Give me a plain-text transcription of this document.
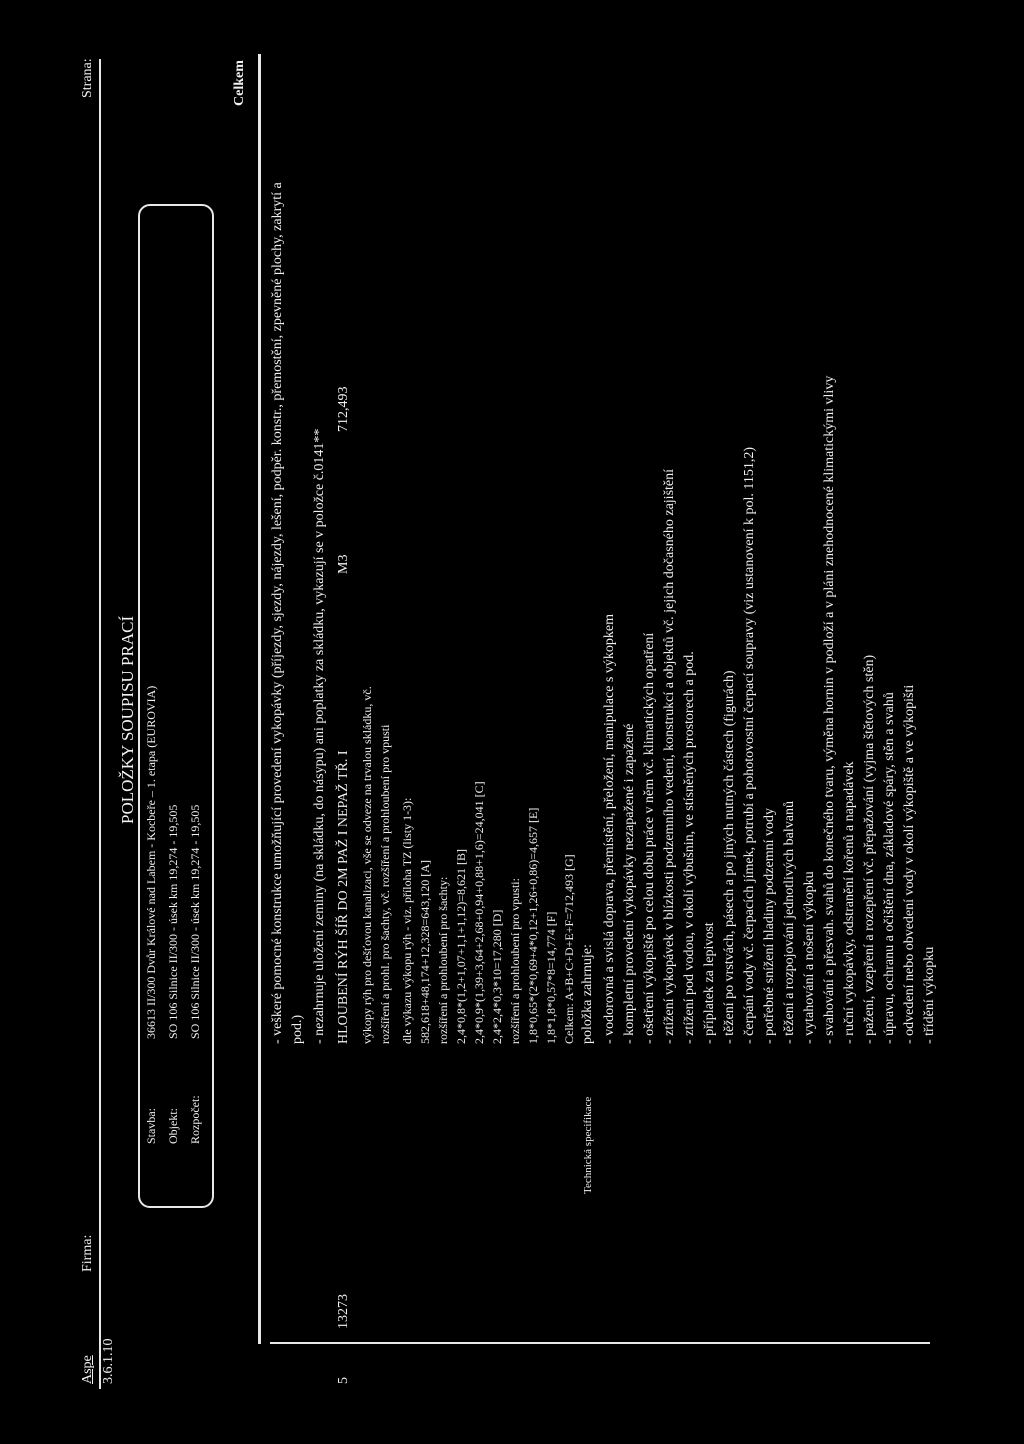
Aspe
Firma:
Strana:
3.6.1.10
POLOŽKY SOUPISU PRACÍ
Stavba:
36613 II/300 Dvůr Králové nad Labem - Kocbeře – 1. etapa (EUROVIA)
Objekt:
SO 106 Silnice II/300 - úsek km 19,274 - 19,505
Rozpočet:
SO 106 Silnice II/300 - úsek km 19,274 - 19,505
Celkem
- veškeré pomocné konstrukce umožňující provedení vykopávky (příjezdy, sjezdy, nájezdy, lešení, podpěr. konstr., přemostění, zpevněné plochy, zakrytí a pod.) - nezahrnuje uložení zeminy (na skládku, do násypu) ani poplatky za skládku, vykazují se v položce č.0141**
5
13273
HLOUBENÍ RÝH ŠÍŘ DO 2M PAŽ I NEPAŽ TŘ. I
M3
712,493
výkopy rýh pro dešťovou kanalizaci, vše se odveze na trvalou skládku, vč. rozšíření a prohl. pro šachty, vč. rozšíření a prohloubení pro vpusti dle výkazu výkopu rýh - viz. příloha TZ (listy 1-3): 582,618+48,174+12,328=643,120 [A] rozšíření a prohloubení pro šachty: 2,4*0,8*(1,2+1,07+1,1+1,12)=8,621 [B] 2,4*0,9*(1,39+3,64+2,68+0,94+0,88+1,6)=24,041 [C] 2,4*2,4*0,3*10=17,280 [D] rozšíření a prohloubení pro vpusti: 1,8*0,65*(2*0,69+4*0,12+1,26+0,86)=4,657 [E] 1,8*1,8*0,57*8=14,774 [F] Celkem: A+B+C+D+E+F=712,493 [G]
Technická specifikace
položka zahrnuje: - vodorovná a svislá doprava, přemístění, přeložení, manipulace s výkopkem - kompletní provedení vykopávky nezapažené i zapažené - ošetření výkopiště po celou dobu práce v něm vč. klimatických opatření - ztížení vykopávek v blízkosti podzemního vedení, konstrukcí a objektů vč. jejich dočasného zajištění - ztížení pod vodou, v okolí výbušnin, ve stísněných prostorech a pod. - příplatek za lepivost - těžení po vrstvách, pásech a po jiných nutných částech (figurách) - čerpání vody vč. čerpacích jímek, potrubí a pohotovostní čerpací soupravy (viz ustanovení k pol. 1151,2) - potřebné snížení hladiny podzemní vody - těžení a rozpojování jednotlivých balvanů - vytahování a nošení výkopku - svahování a přesvah. svahů do konečného tvaru, výměna hornin v podloží a v pláni znehodnocené klimatickými vlivy - ruční vykopávky, odstranění kořenů a napadávek - pažení, vzepření a rozepření vč. přepažování (vyjma štětových stěn) - úpravu, ochranu a očištění dna, základové spáry, stěn a svahů - odvedení nebo obvedení vody v okolí výkopiště a ve výkopišti - třídění výkopku
